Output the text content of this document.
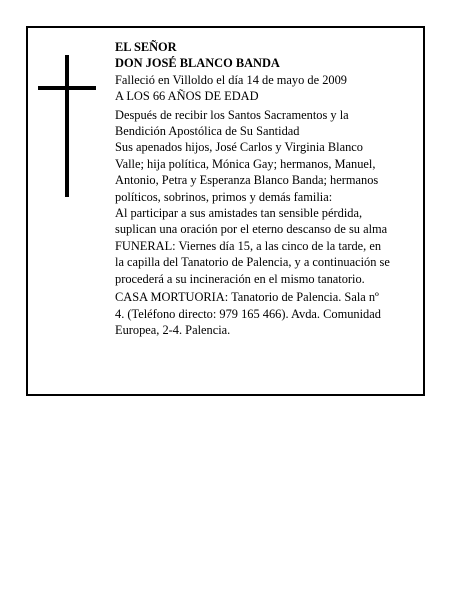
EL SEÑOR
DON JOSÉ BLANCO BANDA
Falleció en Villoldo el día 14 de mayo de 2009
A LOS 66 AÑOS DE EDAD
Después de recibir los Santos Sacramentos y la
Bendición Apostólica de Su Santidad
Sus apenados hijos, José Carlos y Virginia Blanco
Valle; hija política, Mónica Gay; hermanos, Manuel,
Antonio, Petra y Esperanza Blanco Banda; hermanos
políticos, sobrinos, primos y demás familia:
Al participar a sus amistades tan sensible pérdida,
suplican una oración por el eterno descanso de su alma
FUNERAL: Viernes día 15, a las cinco de la tarde, en
la capilla del Tanatorio de Palencia, y a continuación se
procederá a su incineración en el mismo tanatorio.
CASA MORTUORIA: Tanatorio de Palencia. Sala nº
4. (Teléfono directo: 979 165 466). Avda. Comunidad
Europea, 2-4. Palencia.
